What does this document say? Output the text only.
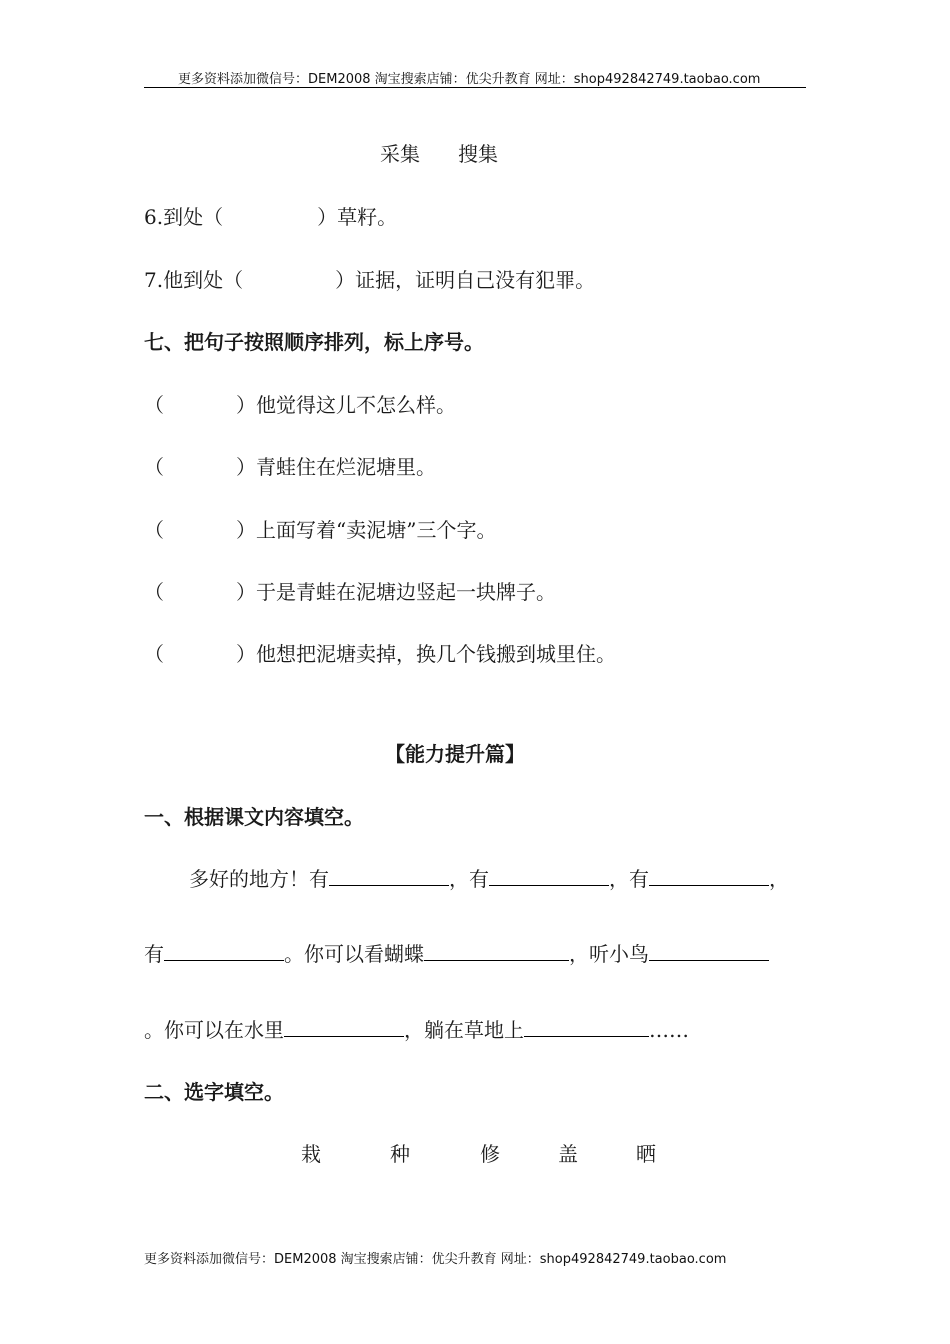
更多资料添加微信号：DEM2008 淘宝搜索店铺：优尖升教育 网址：shop492842749.taobao.com
采集 搜集
6.到处（	）草籽。
7.他到处（	）证据，证明自己没有犯罪。
七、把句子按照顺序排列，标上序号。
（	）他觉得这儿不怎么样。
（	）青蛙住在烂泥塘里。
（	）上面写着“卖泥塘”三个字。
（	）于是青蛙在泥塘边竖起一块牌子。
（	）他想把泥塘卖掉，换几个钱搬到城里住。
【能力提升篇】
一、根据课文内容填空。
多好的地方！有	，有	，有	，
有	。你可以看蝴蝶	，听小鸟
。你可以在水里	，躺在草地上	……
二、选字填空。
栽	种	修	盖	晒
更多资料添加微信号：DEM2008 淘宝搜索店铺：优尖升教育 网址：shop492842749.taobao.com
